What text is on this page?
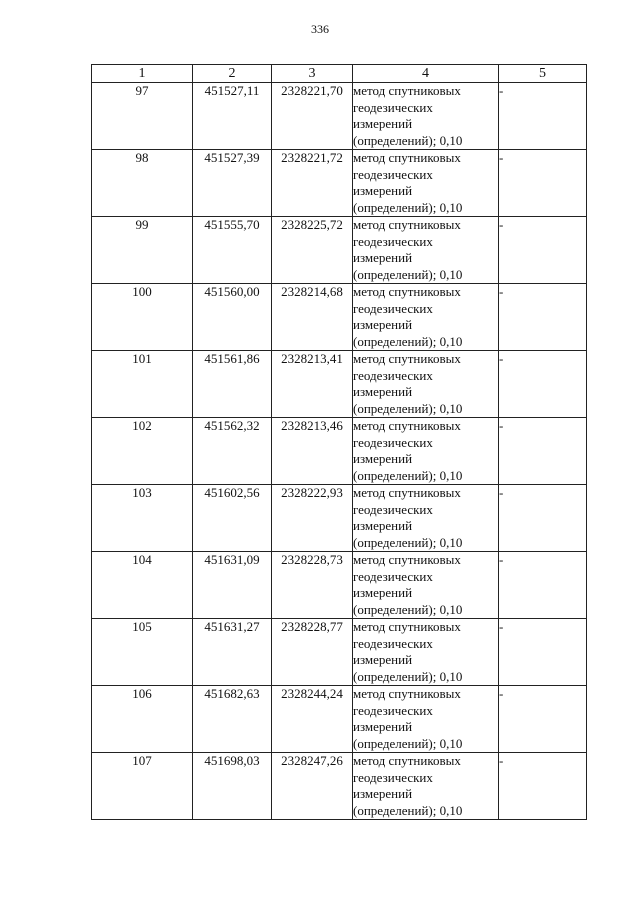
336
1	2	3	4	5
97	451527,11	2328221,70	метод спутниковых
геодезических
измерений
(определений); 0,10	-
98	451527,39	2328221,72	метод спутниковых
геодезических
измерений
(определений); 0,10	-
99	451555,70	2328225,72	метод спутниковых
геодезических
измерений
(определений); 0,10	-
100	451560,00	2328214,68	метод спутниковых
геодезических
измерений
(определений); 0,10	-
101	451561,86	2328213,41	метод спутниковых
геодезических
измерений
(определений); 0,10	-
102	451562,32	2328213,46	метод спутниковых
геодезических
измерений
(определений); 0,10	-
103	451602,56	2328222,93	метод спутниковых
геодезических
измерений
(определений); 0,10	-
104	451631,09	2328228,73	метод спутниковых
геодезических
измерений
(определений); 0,10	-
105	451631,27	2328228,77	метод спутниковых
геодезических
измерений
(определений); 0,10	-
106	451682,63	2328244,24	метод спутниковых
геодезических
измерений
(определений); 0,10	-
107	451698,03	2328247,26	метод спутниковых
геодезических
измерений
(определений); 0,10	-
